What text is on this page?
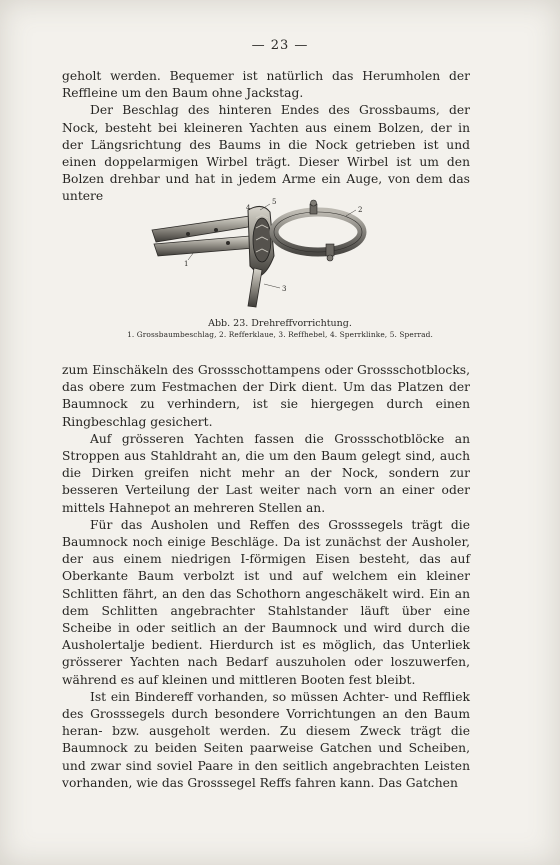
— 23 —

geholt werden. Bequemer ist natürlich das Herumholen der Reffleine um den Baum ohne Jackstag.

Der Beschlag des hinteren Endes des Grossbaums, der Nock, besteht bei kleineren Yachten aus einem Bolzen, der in der Längsrichtung des Baums in die Nock getrieben ist und einen doppelarmigen Wirbel trägt. Dieser Wirbel ist um den Bolzen drehbar und hat in jedem Arme ein Auge, von dem das untere	5
4	2
3
1
Abb. 23. Drehreffvorrichtung.
1. Grossbaumbeschlag, 2. Refferklaue, 3. Reffhebel, 4. Sperrklinke, 5. Sperrad.

zum Einschäkeln des Grossschottampens oder Grossschotblocks, das obere zum Festmachen der Dirk dient. Um das Platzen der Baumnock zu verhindern, ist sie hiergegen durch einen Ringbeschlag gesichert.

Auf grösseren Yachten fassen die Grossschotblöcke an Stroppen aus Stahldraht an, die um den Baum gelegt sind, auch die Dirken greifen nicht mehr an der Nock, sondern zur besseren Verteilung der Last weiter nach vorn an einer oder mittels Hahnepot an mehreren Stellen an.

Für das Ausholen und Reffen des Grosssegels trägt die Baumnock noch einige Beschläge. Da ist zunächst der Ausholer, der aus einem niedrigen I-förmigen Eisen besteht, das auf Oberkante Baum verbolzt ist und auf welchem ein kleiner Schlitten fährt, an den das Schothorn angeschäkelt wird. Ein an dem Schlitten angebrachter Stahlstander läuft über eine Scheibe in oder seitlich an der Baumnock und wird durch die Ausholertalje bedient. Hierdurch ist es möglich, das Unterliek grösserer Yachten nach Bedarf auszuholen oder loszuwerfen, während es auf kleinen und mittleren Booten fest bleibt.

Ist ein Bindereff vorhanden, so müssen Achter- und Reffliek des Grosssegels durch besondere Vorrichtungen an den Baum heran- bzw. ausgeholt werden. Zu diesem Zweck trägt die Baumnock zu beiden Seiten paarweise Gatchen und Scheiben, und zwar sind soviel Paare in den seitlich angebrachten Leisten vorhanden, wie das Grosssegel Reffs fahren kann. Das Gatchen
